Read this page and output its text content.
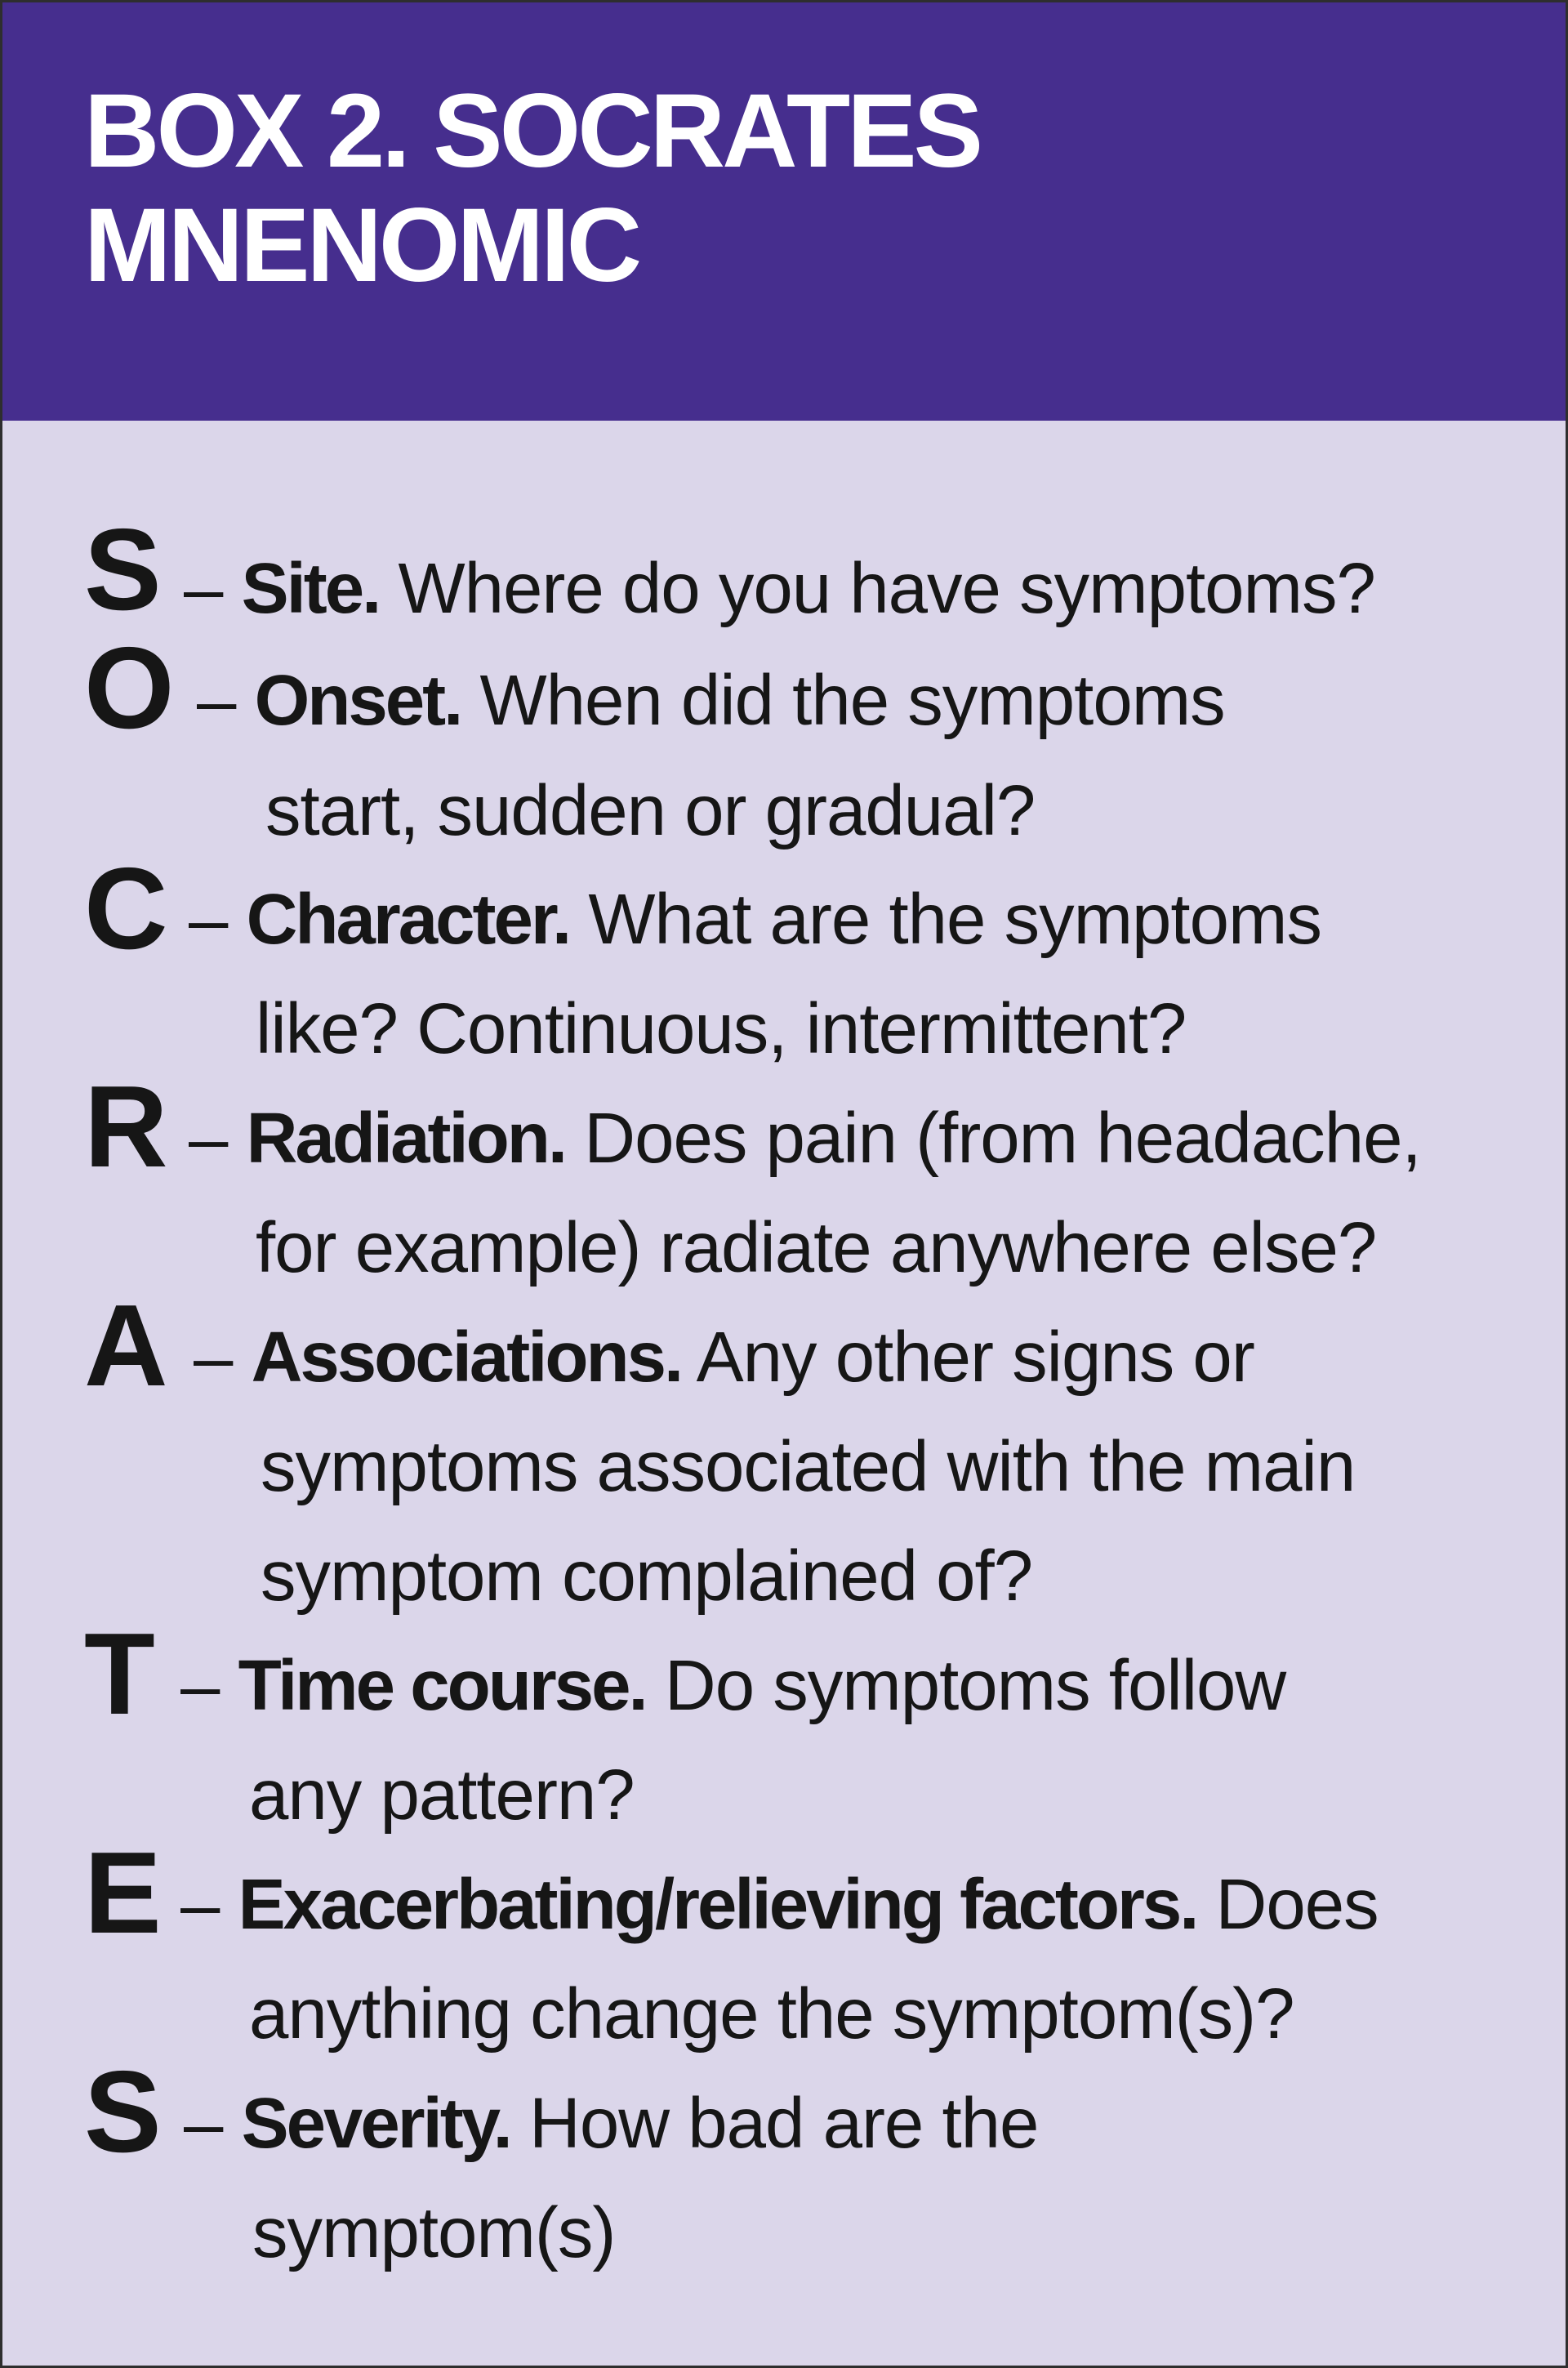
BOX 2. SOCRATES
MNENOMIC
S – Site. Where do you have symptoms?
O – Onset. When did the symptoms
start, sudden or gradual?
C – Character. What are the symptoms
like? Continuous, intermittent?
R – Radiation. Does pain (from headache,
for example) radiate anywhere else?
A – Associations. Any other signs or
symptoms associated with the main
symptom complained of?
T – Time course. Do symptoms follow
any pattern?
E – Exacerbating/relieving factors. Does
anything change the symptom(s)?
S – Severity. How bad are the
symptom(s)
